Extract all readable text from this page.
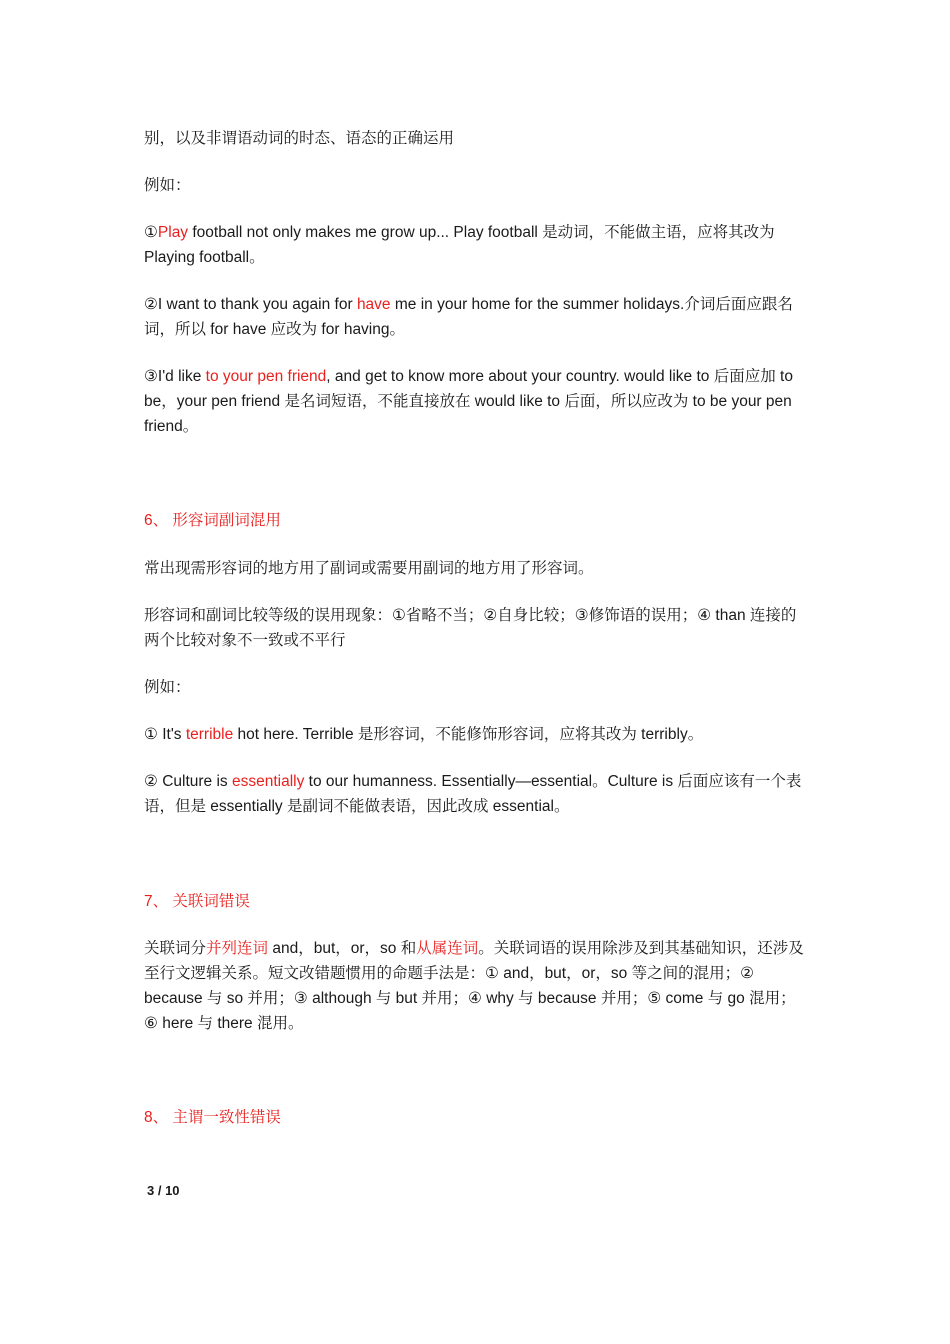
别，以及非谓语动词的时态、语态的正确运用

例如：

①Play football not only makes me grow up... Play football 是动词，不能做主语，应将其改为 Playing football。

②I want to thank you again for have me in your home for the summer holidays.介词后面应跟名词，所以 for have 应改为 for having。

③I'd like to your pen friend, and get to know more about your country. would like to 后面应加 to be，your pen friend 是名词短语，不能直接放在 would like to 后面，所以应改为 to be your pen friend。

6、 形容词副词混用

常出现需形容词的地方用了副词或需要用副词的地方用了形容词。

形容词和副词比较等级的误用现象：①省略不当；②自身比较；③修饰语的误用；④ than 连接的两个比较对象不一致或不平行

例如：

① It's terrible hot here. Terrible 是形容词，不能修饰形容词，应将其改为 terribly。

② Culture is essentially to our humanness. Essentially—essential。Culture is 后面应该有一个表语，但是 essentially 是副词不能做表语，因此改成 essential。

7、 关联词错误

关联词分并列连词 and，but，or，so 和从属连词。关联词语的误用除涉及到其基础知识，还涉及至行文逻辑关系。短文改错题惯用的命题手法是：① and，but，or，so 等之间的混用；② because 与 so 并用；③ although 与 but 并用；④ why 与 because 并用；⑤ come 与 go 混用；⑥ here 与 there 混用。

8、 主谓一致性错误

3 / 10
